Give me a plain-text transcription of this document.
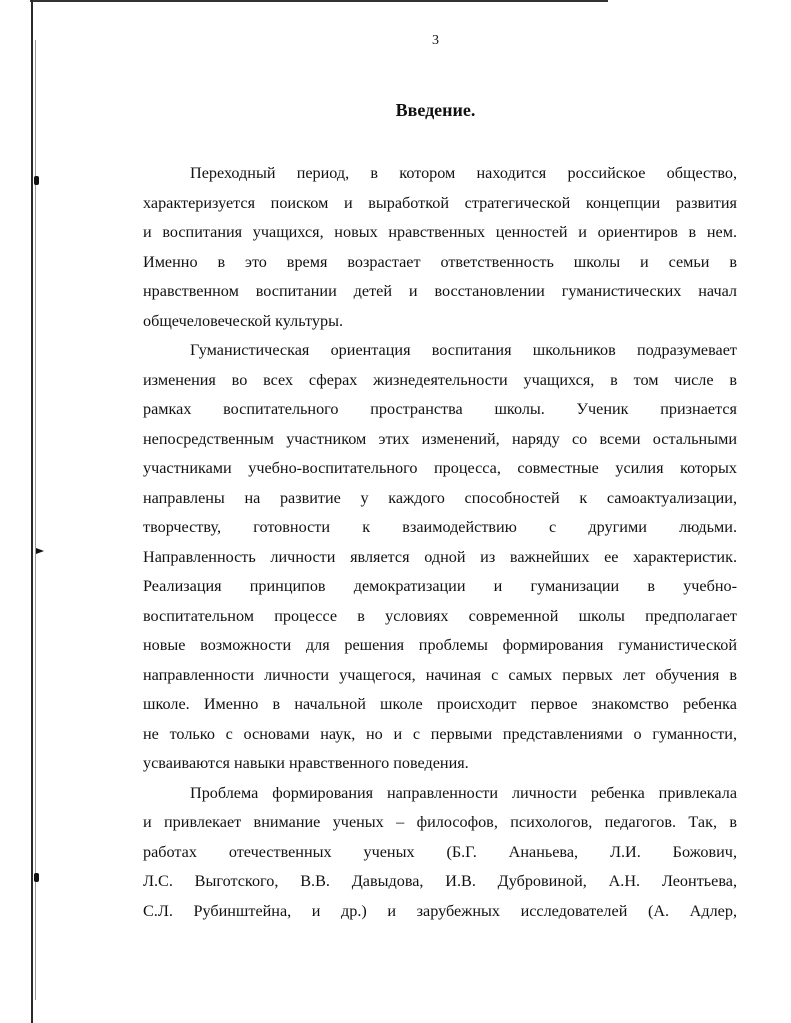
3
Введение.
Переходный период, в котором находится российское общество,
характеризуется поиском и выработкой стратегической концепции развития
и воспитания учащихся, новых нравственных ценностей и ориентиров в нем.
Именно в это время возрастает ответственность школы и семьи в
нравственном воспитании детей и восстановлении гуманистических начал
общечеловеческой культуры.
Гуманистическая ориентация воспитания школьников подразумевает
изменения во всех сферах жизнедеятельности учащихся, в том числе в
рамках воспитательного пространства школы. Ученик признается
непосредственным участником этих изменений, наряду со всеми остальными
участниками учебно-воспитательного процесса, совместные усилия которых
направлены на развитие у каждого способностей к самоактуализации,
творчеству, готовности к взаимодействию с другими людьми.
Направленность личности является одной из важнейших ее характеристик.
Реализация принципов демократизации и гуманизации в учебно-
воспитательном процессе в условиях современной школы предполагает
новые возможности для решения проблемы формирования гуманистической
направленности личности учащегося, начиная с самых первых лет обучения в
школе. Именно в начальной школе происходит первое знакомство ребенка
не только с основами наук, но и с первыми представлениями о гуманности,
усваиваются навыки нравственного поведения.
Проблема формирования направленности личности ребенка привлекала
и привлекает внимание ученых – философов, психологов, педагогов. Так, в
работах отечественных ученых (Б.Г. Ананьева, Л.И. Божович,
Л.С. Выготского, В.В. Давыдова, И.В. Дубровиной, А.Н. Леонтьева,
С.Л. Рубинштейна, и др.) и зарубежных исследователей (А. Адлер,
